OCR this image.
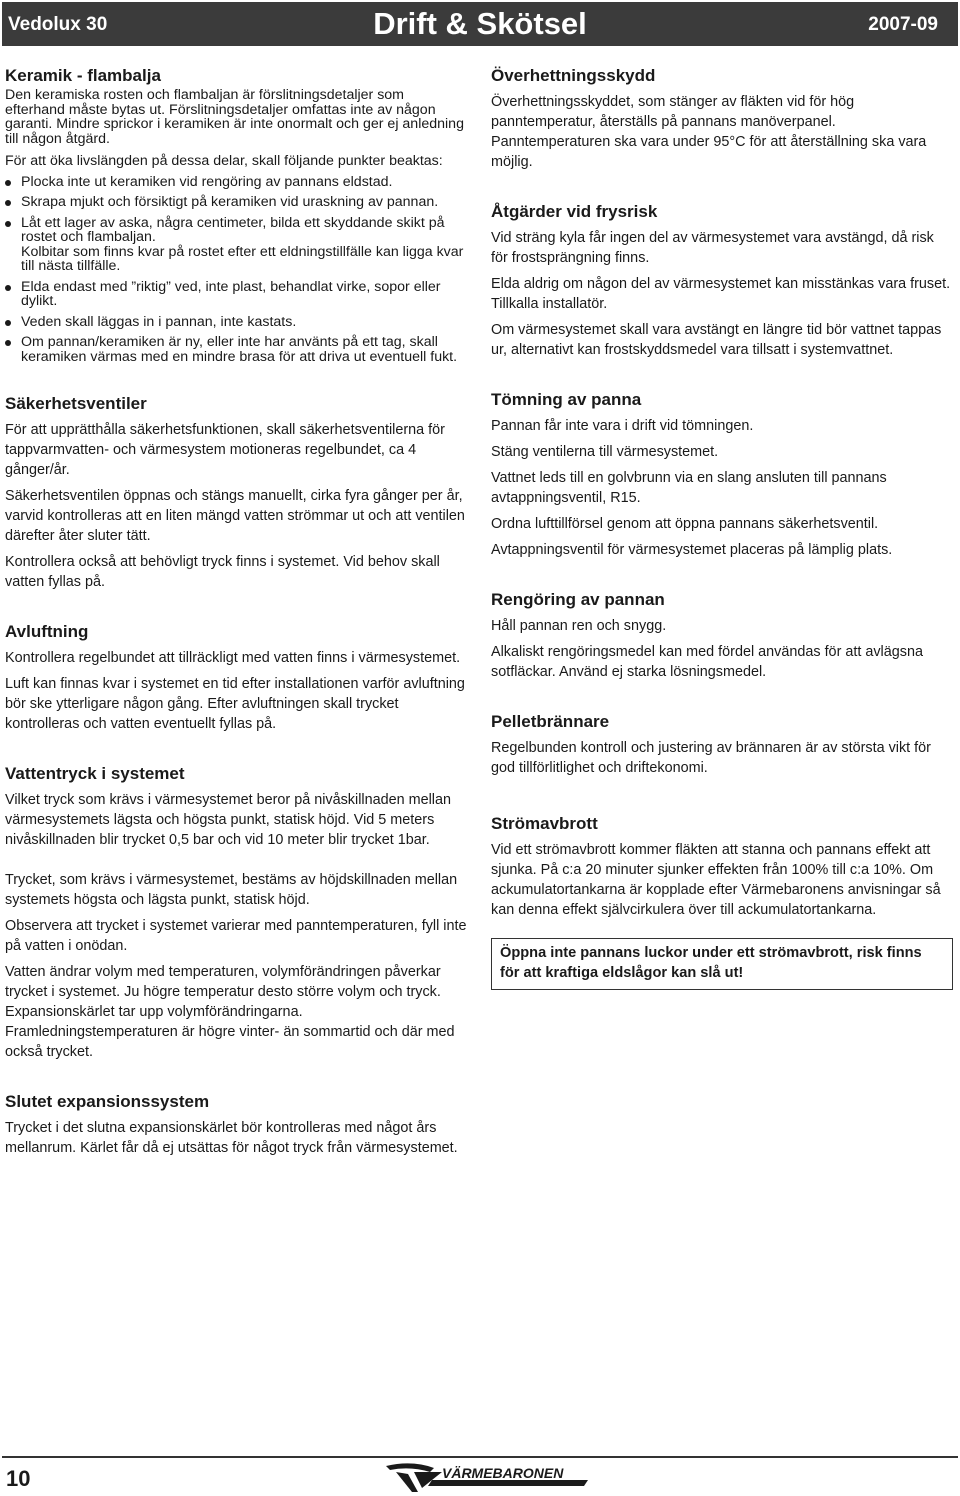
Vedolux 30	Drift & Skötsel	2007-09
Keramik - flambalja

Den keramiska rosten och flambaljan är förslitningsdetaljer som efterhand måste bytas ut. Förslitningsdetaljer omfattas inte av någon garanti. Mindre sprickor i keramiken är inte onormalt och ger ej anledning till någon åtgärd.

För att öka livslängden på dessa delar, skall följande punkter beaktas:

Plocka inte ut keramiken vid rengöring av pannans eldstad.
Skrapa mjukt och försiktigt på keramiken vid uraskning av pannan.
Låt ett lager av aska, några centimeter, bilda ett skyddande skikt på rostet och flambaljan.
Kolbitar som finns kvar på rostet efter ett eldningstillfälle kan ligga kvar till nästa tillfälle.
Elda endast med ”riktig” ved, inte plast, behandlat virke, sopor eller dylikt.
Veden skall läggas in i pannan, inte kastats.
Om pannan/keramiken är ny, eller inte har använts på ett tag, skall keramiken värmas med en mindre brasa för att driva ut eventuell fukt.
Säkerhetsventiler

För att upprätthålla säkerhetsfunktionen, skall säkerhetsventilerna för tappvarmvatten- och värmesystem motioneras regelbundet, ca 4 gånger/år.

Säkerhetsventilen öppnas och stängs manuellt, cirka fyra gånger per år, varvid kontrolleras att en liten mängd vatten strömmar ut och att ventilen därefter åter sluter tätt.

Kontrollera också att behövligt tryck finns i systemet. Vid behov skall vatten fyllas på.

Avluftning

Kontrollera regelbundet att tillräckligt med vatten finns i värmesystemet.

Luft kan finnas kvar i systemet en tid efter installationen varför avluftning bör ske ytterligare någon gång. Efter avluftningen skall trycket kontrolleras och vatten eventuellt fyllas på.

Vattentryck i systemet

Vilket tryck som krävs i värmesystemet beror på nivåskillnaden mellan värmesystemets lägsta och högsta punkt, statisk höjd. Vid 5 meters nivåskillnaden blir trycket 0,5 bar och vid 10 meter blir trycket 1bar.

Trycket, som krävs i värmesystemet, bestäms av höjdskillnaden mellan systemets högsta och lägsta punkt, statisk höjd.

Observera att trycket i systemet varierar med panntemperaturen, fyll inte på vatten i onödan.

Vatten ändrar volym med temperaturen, volymförändringen påverkar trycket i systemet. Ju högre temperatur desto större volym och tryck. Expansionskärlet tar upp volymförändringarna. Framledningstemperaturen är högre vinter- än sommartid och där med också trycket.

Slutet expansionssystem

Trycket i det slutna expansionskärlet bör kontrolleras med något års mellanrum. Kärlet får då ej utsättas för något tryck från värmesystemet.

Överhettningsskydd

Överhettningsskyddet, som stänger av fläkten vid för hög panntemperatur, återställs på pannans manöverpanel. Panntemperaturen ska vara under 95°C för att återställning ska vara möjlig.

Åtgärder vid frysrisk

Vid sträng kyla får ingen del av värmesystemet vara avstängd, då risk för frostsprängning finns.

Elda aldrig om någon del av värmesystemet kan misstänkas vara fruset. Tillkalla installatör.

Om värmesystemet skall vara avstängt en längre tid bör vattnet tappas ur, alternativt kan frostskyddsmedel vara tillsatt i systemvattnet.

Tömning av panna

Pannan får inte vara i drift vid tömningen.

Stäng ventilerna till värmesystemet.

Vattnet leds till en golvbrunn via en slang ansluten till pannans avtappningsventil, R15.

Ordna lufttillförsel genom att öppna pannans säkerhetsventil.

Avtappningsventil för värmesystemet placeras på lämplig plats.

Rengöring av pannan

Håll pannan ren och snygg.

Alkaliskt rengöringsmedel kan med fördel användas för att avlägsna sotfläckar. Använd ej starka lösningsmedel.

Pelletbrännare

Regelbunden kontroll och justering av brännaren är av största vikt för god tillförlitlighet och driftekonomi.

Strömavbrott

Vid ett strömavbrott kommer fläkten att stanna och pannans effekt att sjunka. På c:a 20 minuter sjunker effekten från 100% till c:a 10%. Om ackumulatortankarna är kopplade efter Värmebaronens anvisningar så kan denna effekt självcirkulera över till ackumulatortankarna.

Öppna inte pannans luckor under ett strömavbrott, risk finns för att kraftiga eldslågor kan slå ut!
10	VÄRMEBARONEN
